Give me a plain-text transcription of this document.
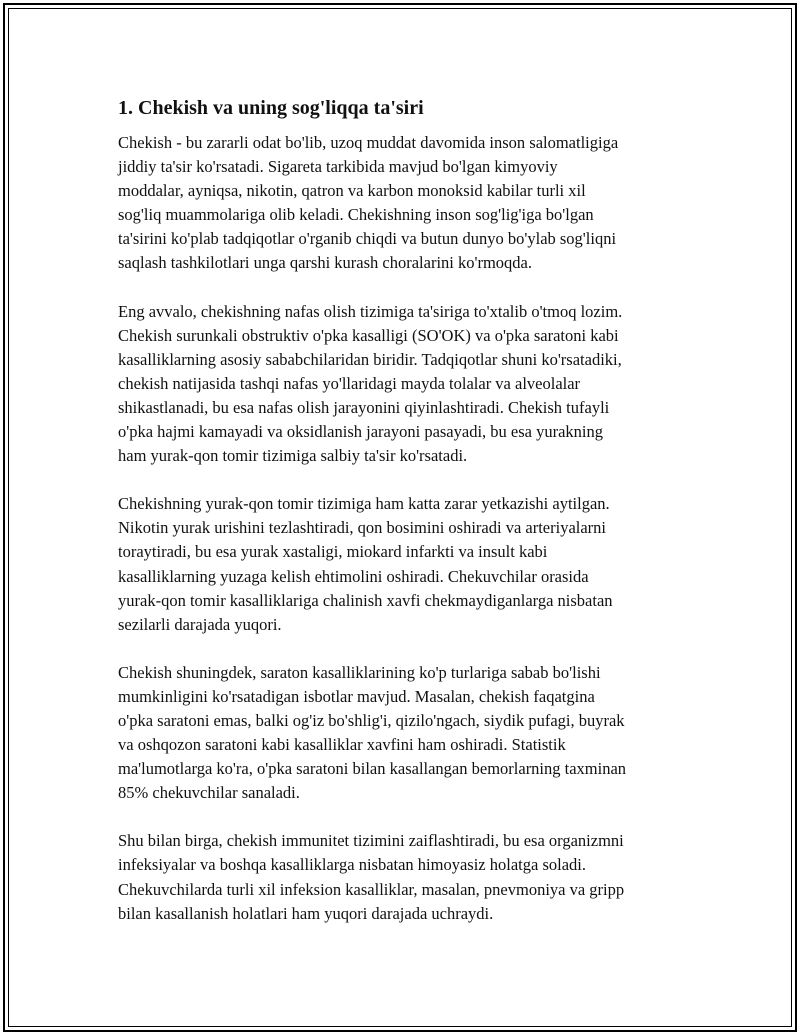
1. Chekish va uning sog'liqqa ta'siri

Chekish - bu zararli odat bo'lib, uzoq muddat davomida inson salomatligiga
jiddiy ta'sir ko'rsatadi. Sigareta tarkibida mavjud bo'lgan kimyoviy
moddalar, ayniqsa, nikotin, qatron va karbon monoksid kabilar turli xil
sog'liq muammolariga olib keladi. Chekishning inson sog'lig'iga bo'lgan
ta'sirini ko'plab tadqiqotlar o'rganib chiqdi va butun dunyo bo'ylab sog'liqni
saqlash tashkilotlari unga qarshi kurash choralarini ko'rmoqda.

Eng avvalo, chekishning nafas olish tizimiga ta'siriga to'xtalib o'tmoq lozim.
Chekish surunkali obstruktiv o'pka kasalligi (SO'OK) va o'pka saratoni kabi
kasalliklarning asosiy sababchilaridan biridir. Tadqiqotlar shuni ko'rsatadiki,
chekish natijasida tashqi nafas yo'llaridagi mayda tolalar va alveolalar
shikastlanadi, bu esa nafas olish jarayonini qiyinlashtiradi. Chekish tufayli
o'pka hajmi kamayadi va oksidlanish jarayoni pasayadi, bu esa yurakning
ham yurak-qon tomir tizimiga salbiy ta'sir ko'rsatadi.

Chekishning yurak-qon tomir tizimiga ham katta zarar yetkazishi aytilgan.
Nikotin yurak urishini tezlashtiradi, qon bosimini oshiradi va arteriyalarni
toraytiradi, bu esa yurak xastaligi, miokard infarkti va insult kabi
kasalliklarning yuzaga kelish ehtimolini oshiradi. Chekuvchilar orasida
yurak-qon tomir kasalliklariga chalinish xavfi chekmaydiganlarga nisbatan
sezilarli darajada yuqori.

Chekish shuningdek, saraton kasalliklarining ko'p turlariga sabab bo'lishi
mumkinligini ko'rsatadigan isbotlar mavjud. Masalan, chekish faqatgina
o'pka saratoni emas, balki og'iz bo'shlig'i, qizilo'ngach, siydik pufagi, buyrak
va oshqozon saratoni kabi kasalliklar xavfini ham oshiradi. Statistik
ma'lumotlarga ko'ra, o'pka saratoni bilan kasallangan bemorlarning taxminan
85% chekuvchilar sanaladi.

Shu bilan birga, chekish immunitet tizimini zaiflashtiradi, bu esa organizmni
infeksiyalar va boshqa kasalliklarga nisbatan himoyasiz holatga soladi.
Chekuvchilarda turli xil infeksion kasalliklar, masalan, pnevmoniya va gripp
bilan kasallanish holatlari ham yuqori darajada uchraydi.
